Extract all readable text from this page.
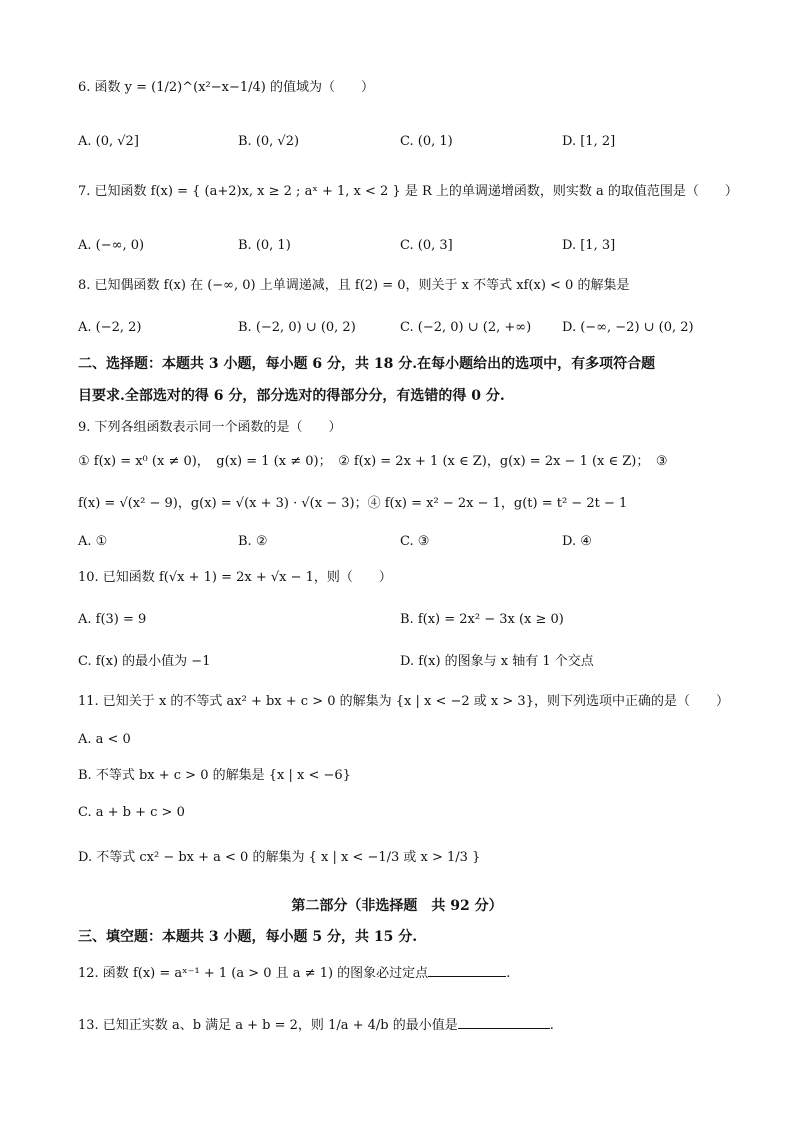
6. 函数 y = (1/2)^(x²−x−1/4) 的值域为（　　）
A. (0, √2]	B. (0, √2)	C. (0, 1)	D. [1, 2]
7. 已知函数 f(x) = { (a+2)x, x ≥ 2 ; aˣ + 1, x < 2 } 是 R 上的单调递增函数，则实数 a 的取值范围是（　　）
A. (−∞, 0)	B. (0, 1)	C. (0, 3]	D. [1, 3]
8. 已知偶函数 f(x) 在 (−∞, 0) 上单调递减，且 f(2) = 0，则关于 x 不等式 xf(x) < 0 的解集是
A. (−2, 2)	B. (−2, 0) ∪ (0, 2)	C. (−2, 0) ∪ (2, +∞) D. (−∞, −2) ∪ (0, 2)
二、选择题：本题共 3 小题，每小题 6 分，共 18 分.在每小题给出的选项中，有多项符合题
目要求.全部选对的得 6 分，部分选对的得部分分，有选错的得 0 分.
9. 下列各组函数表示同一个函数的是（　　）
① f(x) = x⁰ (x ≠ 0)，　g(x) = 1 (x ≠ 0)；　② f(x) = 2x + 1 (x ∈ Z)，g(x) = 2x − 1 (x ∈ Z)；　③
f(x) = √(x² − 9)，g(x) = √(x + 3) · √(x − 3)；④ f(x) = x² − 2x − 1，g(t) = t² − 2t − 1
A. ①	B. ②	C. ③	D. ④
10. 已知函数 f(√x + 1) = 2x + √x − 1，则（　　）
A. f(3) = 9	B. f(x) = 2x² − 3x (x ≥ 0)
C. f(x) 的最小值为 −1	D. f(x) 的图象与 x 轴有 1 个交点
11. 已知关于 x 的不等式 ax² + bx + c > 0 的解集为 {x | x < −2 或 x > 3}，则下列选项中正确的是（　　）
A. a < 0
B. 不等式 bx + c > 0 的解集是 {x | x < −6}
C. a + b + c > 0
D. 不等式 cx² − bx + a < 0 的解集为 { x | x < −1/3 或 x > 1/3 }
第二部分（非选择题　共 92 分）
三、填空题：本题共 3 小题，每小题 5 分，共 15 分.
12. 函数 f(x) = aˣ⁻¹ + 1 (a > 0 且 a ≠ 1) 的图象必过定点	.
13. 已知正实数 a、b 满足 a + b = 2，则 1/a + 4/b 的最小值是	.
